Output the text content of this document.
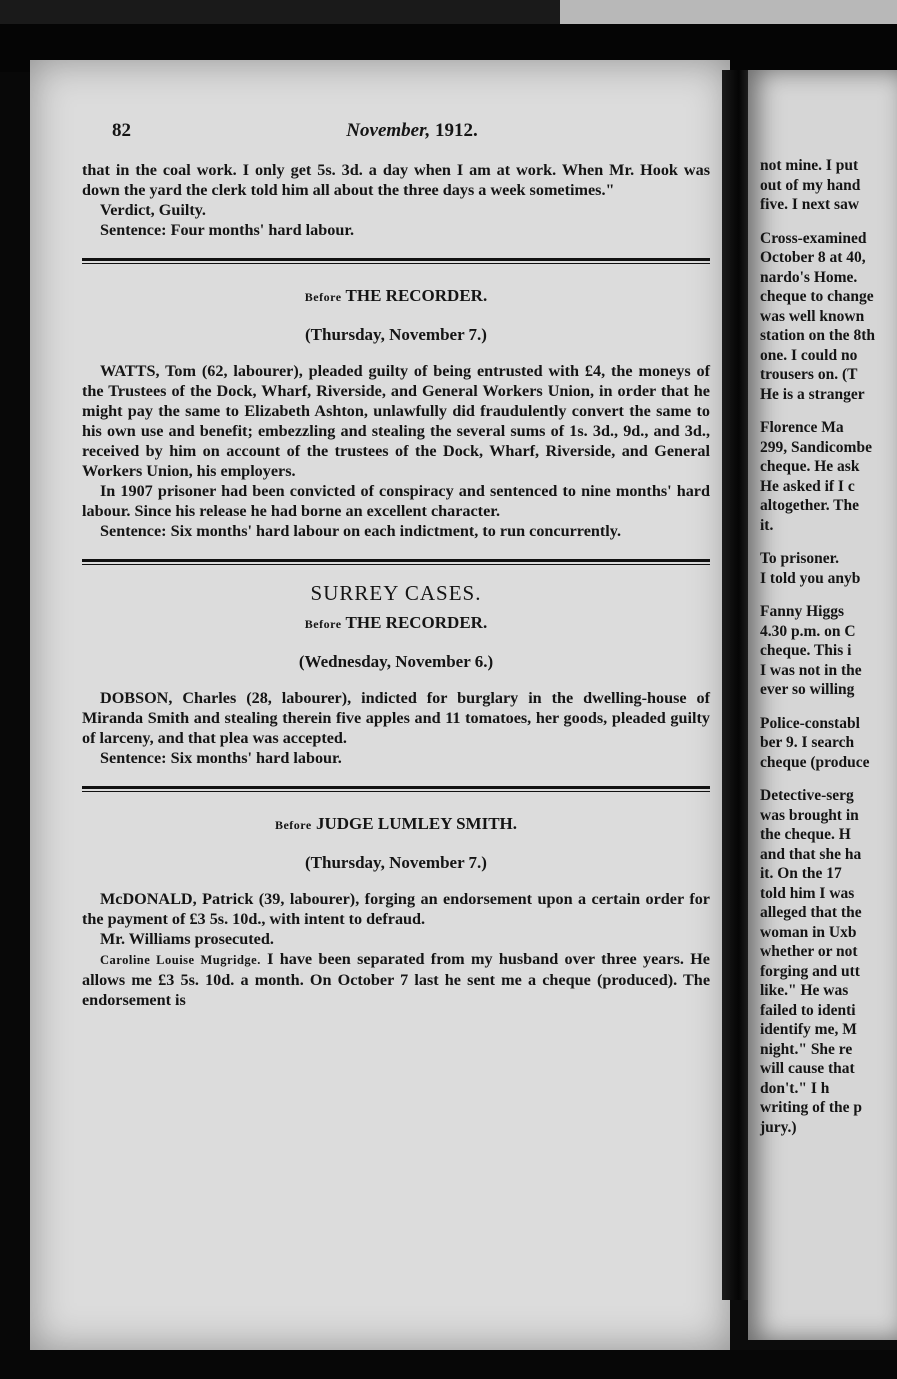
82	November, 1912.

that in the coal work. I only get 5s. 3d. a day when I am at work. When Mr. Hook was down the yard the clerk told him all about the three days a week sometimes."

Verdict, Guilty.

Sentence: Four months' hard labour.

Before THE RECORDER.
(Thursday, November 7.)

WATTS, Tom (62, labourer), pleaded guilty of being entrusted with £4, the moneys of the Trustees of the Dock, Wharf, Riverside, and General Workers Union, in order that he might pay the same to Elizabeth Ashton, unlawfully did fraudulently convert the same to his own use and benefit; embezzling and stealing the several sums of 1s. 3d., 9d., and 3d., received by him on account of the trustees of the Dock, Wharf, Riverside, and General Workers Union, his employers.

In 1907 prisoner had been convicted of conspiracy and sentenced to nine months' hard labour. Since his release he had borne an excellent character.

Sentence: Six months' hard labour on each indictment, to run concurrently.

SURREY CASES.
Before THE RECORDER.
(Wednesday, November 6.)

DOBSON, Charles (28, labourer), indicted for burglary in the dwelling-house of Miranda Smith and stealing therein five apples and 11 tomatoes, her goods, pleaded guilty of larceny, and that plea was accepted.

Sentence: Six months' hard labour.

Before JUDGE LUMLEY SMITH.
(Thursday, November 7.)

McDONALD, Patrick (39, labourer), forging an endorsement upon a certain order for the payment of £3 5s. 10d., with intent to defraud.

Mr. Williams prosecuted.

Caroline Louise Mugridge. I have been separated from my husband over three years. He allows me £3 5s. 10d. a month. On October 7 last he sent me a cheque (produced). The endorsement is

not mine. I put
out of my hand
five. I next saw
Cross-examined
October 8 at 40,
nardo's Home.
cheque to change
was well known
station on the 8th
one. I could no
trousers on. (T
He is a stranger
Florence Ma
299, Sandicombe
cheque. He ask
He asked if I c
altogether. The
it.
To prisoner.
I told you anyb
Fanny Higgs
4.30 p.m. on C
cheque. This i
I was not in the
ever so willing
Police-constabl
ber 9. I search
cheque (produce
Detective-serg
was brought in
the cheque. H
and that she ha
it. On the 17
told him I was
alleged that the
woman in Uxb
whether or not
forging and utt
like." He was
failed to identi
identify me, M
night." She re
will cause that
don't." I h
writing of the p
jury.)
